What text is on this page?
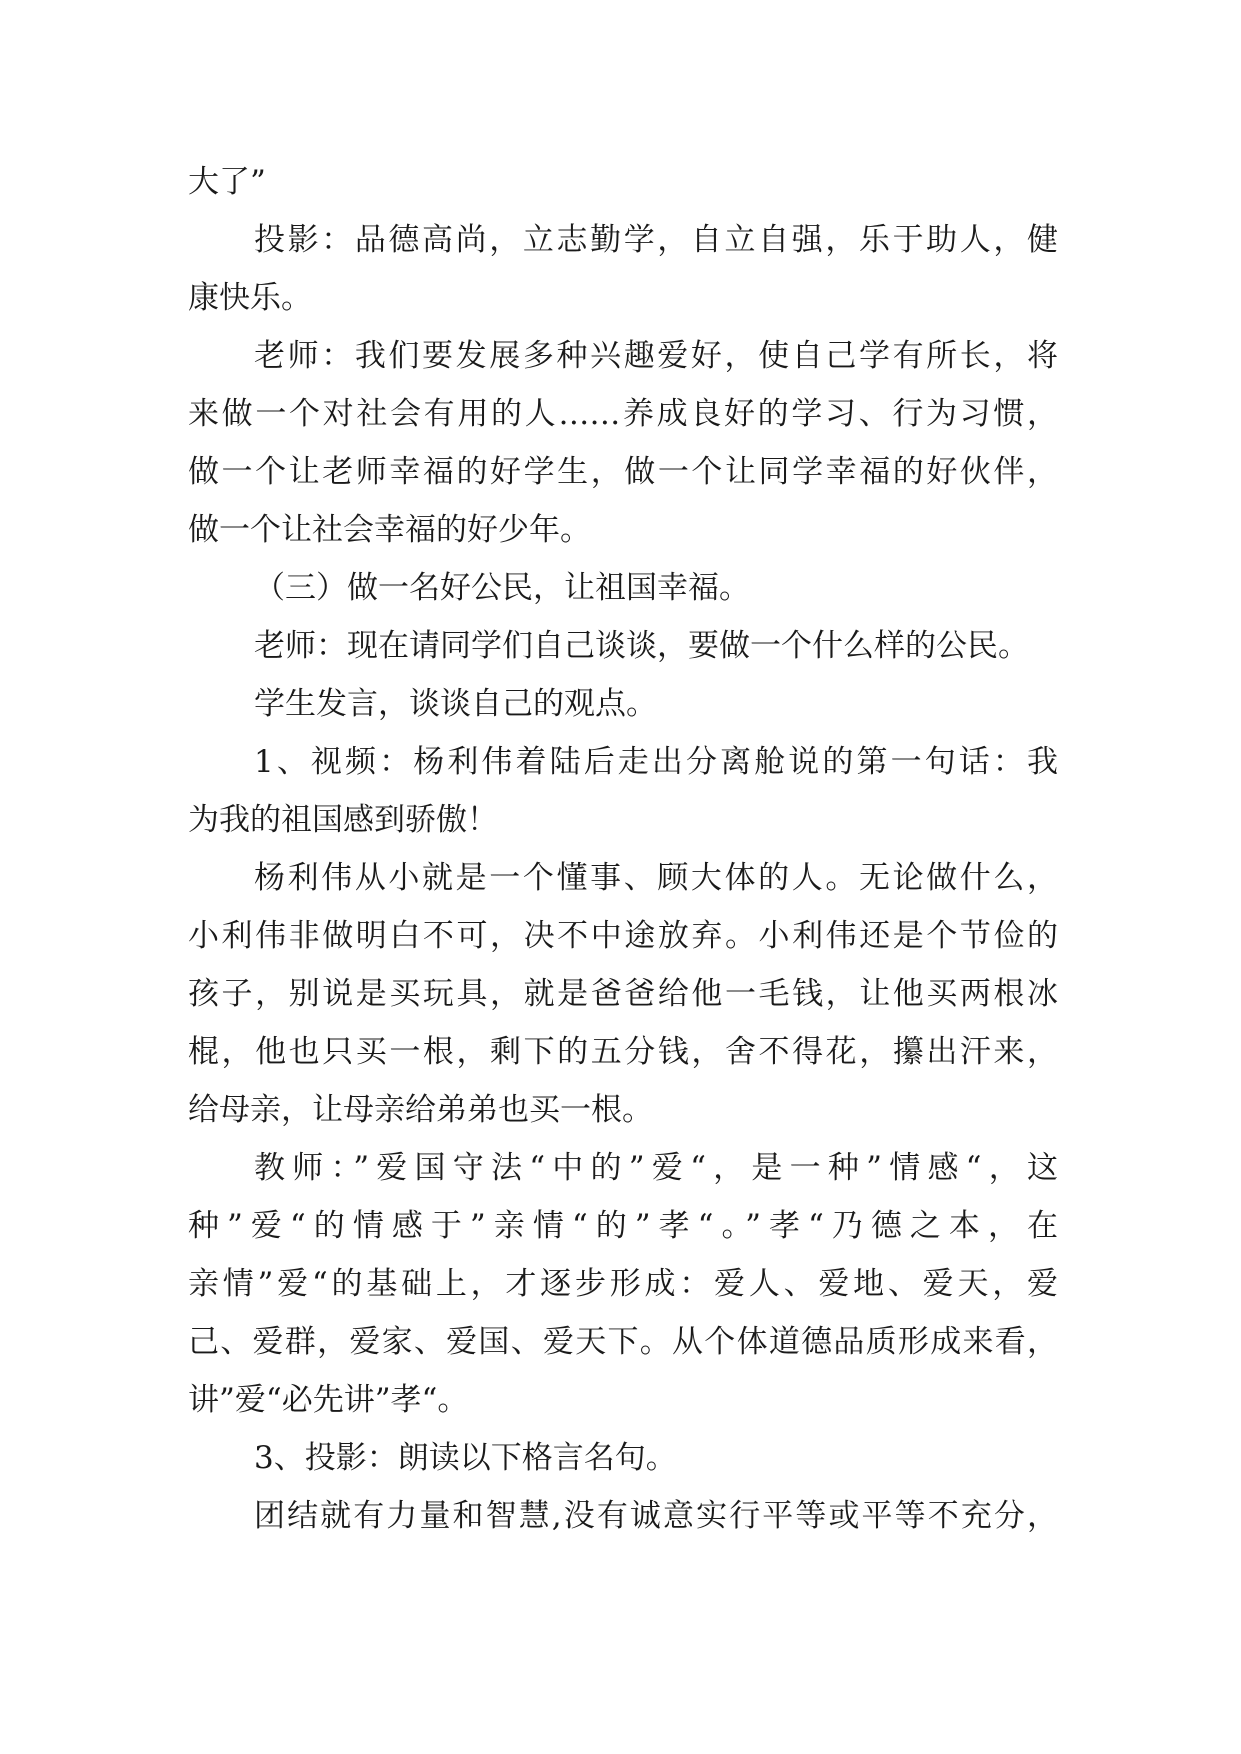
大了”
投影：品德高尚，立志勤学，自立自强，乐于助人，健
康快乐。
老师：我们要发展多种兴趣爱好，使自己学有所长，将
来做一个对社会有用的人……养成良好的学习、行为习惯，
做一个让老师幸福的好学生，做一个让同学幸福的好伙伴，
做一个让社会幸福的好少年。
（三）做一名好公民，让祖国幸福。
老师：现在请同学们自己谈谈，要做一个什么样的公民。
学生发言，谈谈自己的观点。
1、视频：杨利伟着陆后走出分离舱说的第一句话：我
为我的祖国感到骄傲！
杨利伟从小就是一个懂事、顾大体的人。无论做什么，
小利伟非做明白不可，决不中途放弃。小利伟还是个节俭的
孩子，别说是买玩具，就是爸爸给他一毛钱，让他买两根冰
棍，他也只买一根，剩下的五分钱，舍不得花，攥出汗来，
给母亲，让母亲给弟弟也买一根。
教师：”爱国守法“中的”爱“，是一种”情感“，这
种”爱“的情感于”亲情“的”孝“。”孝“乃德之本，在
亲情”爱“的基础上，才逐步形成：爱人、爱地、爱天，爱
己、爱群，爱家、爱国、爱天下。从个体道德品质形成来看，
讲”爱“必先讲”孝“。
3、投影：朗读以下格言名句。
团结就有力量和智慧,没有诚意实行平等或平等不充分，
